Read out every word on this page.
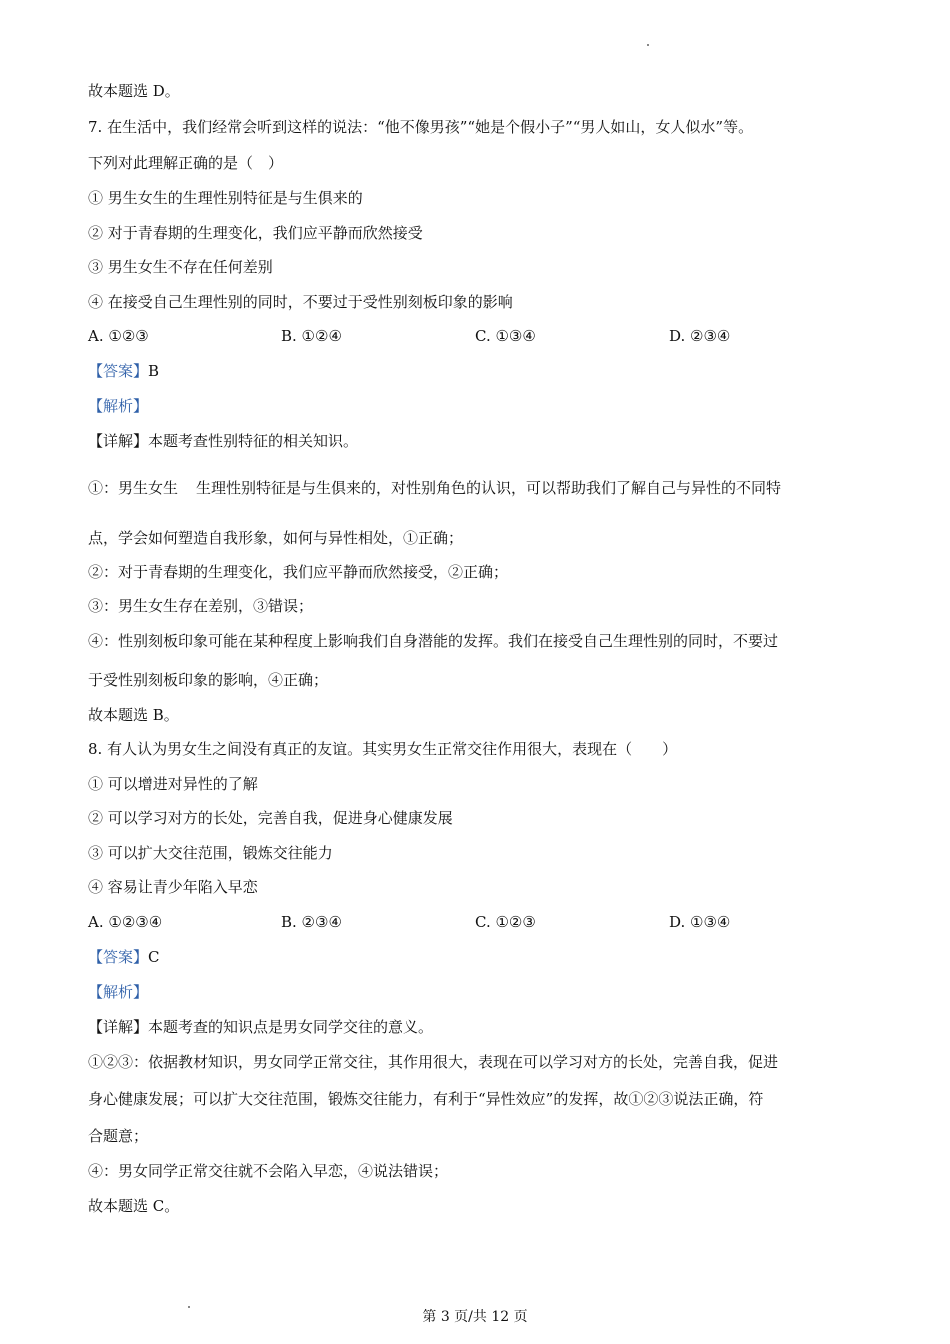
故本题选 D。
7. 在生活中，我们经常会听到这样的说法：“他不像男孩”“她是个假小子”“男人如山，女人似水”等。
下列对此理解正确的是（　）
① 男生女生的生理性别特征是与生俱来的
② 对于青春期的生理变化，我们应平静而欣然接受
③ 男生女生不存在任何差别
④ 在接受自己生理性别的同时，不要过于受性别刻板印象的影响
A. ①②③	B. ①②④	C. ①③④	D. ②③④
【答案】B
【解析】
【详解】本题考查性别特征的相关知识。
①：男生女生 生理性别特征是与生俱来的，对性别角色的认识，可以帮助我们了解自己与异性的不同特
点，学会如何塑造自我形象，如何与异性相处，①正确；
②：对于青春期的生理变化，我们应平静而欣然接受，②正确；
③：男生女生存在差别，③错误；
④：性别刻板印象可能在某种程度上影响我们自身潜能的发挥。我们在接受自己生理性别的同时，不要过
于受性别刻板印象的影响，④正确；
故本题选 B。
8. 有人认为男女生之间没有真正的友谊。其实男女生正常交往作用很大，表现在（　　）
① 可以增进对异性的了解
② 可以学习对方的长处，完善自我，促进身心健康发展
③ 可以扩大交往范围，锻炼交往能力
④ 容易让青少年陷入早恋
A. ①②③④	B. ②③④	C. ①②③	D. ①③④
【答案】C
【解析】
【详解】本题考查的知识点是男女同学交往的意义。
①②③：依据教材知识，男女同学正常交往，其作用很大，表现在可以学习对方的长处，完善自我，促进
身心健康发展；可以扩大交往范围，锻炼交往能力，有利于“异性效应”的发挥，故①②③说法正确，符
合题意；
④：男女同学正常交往就不会陷入早恋，④说法错误；
故本题选 C。
第 3 页/共 12 页
